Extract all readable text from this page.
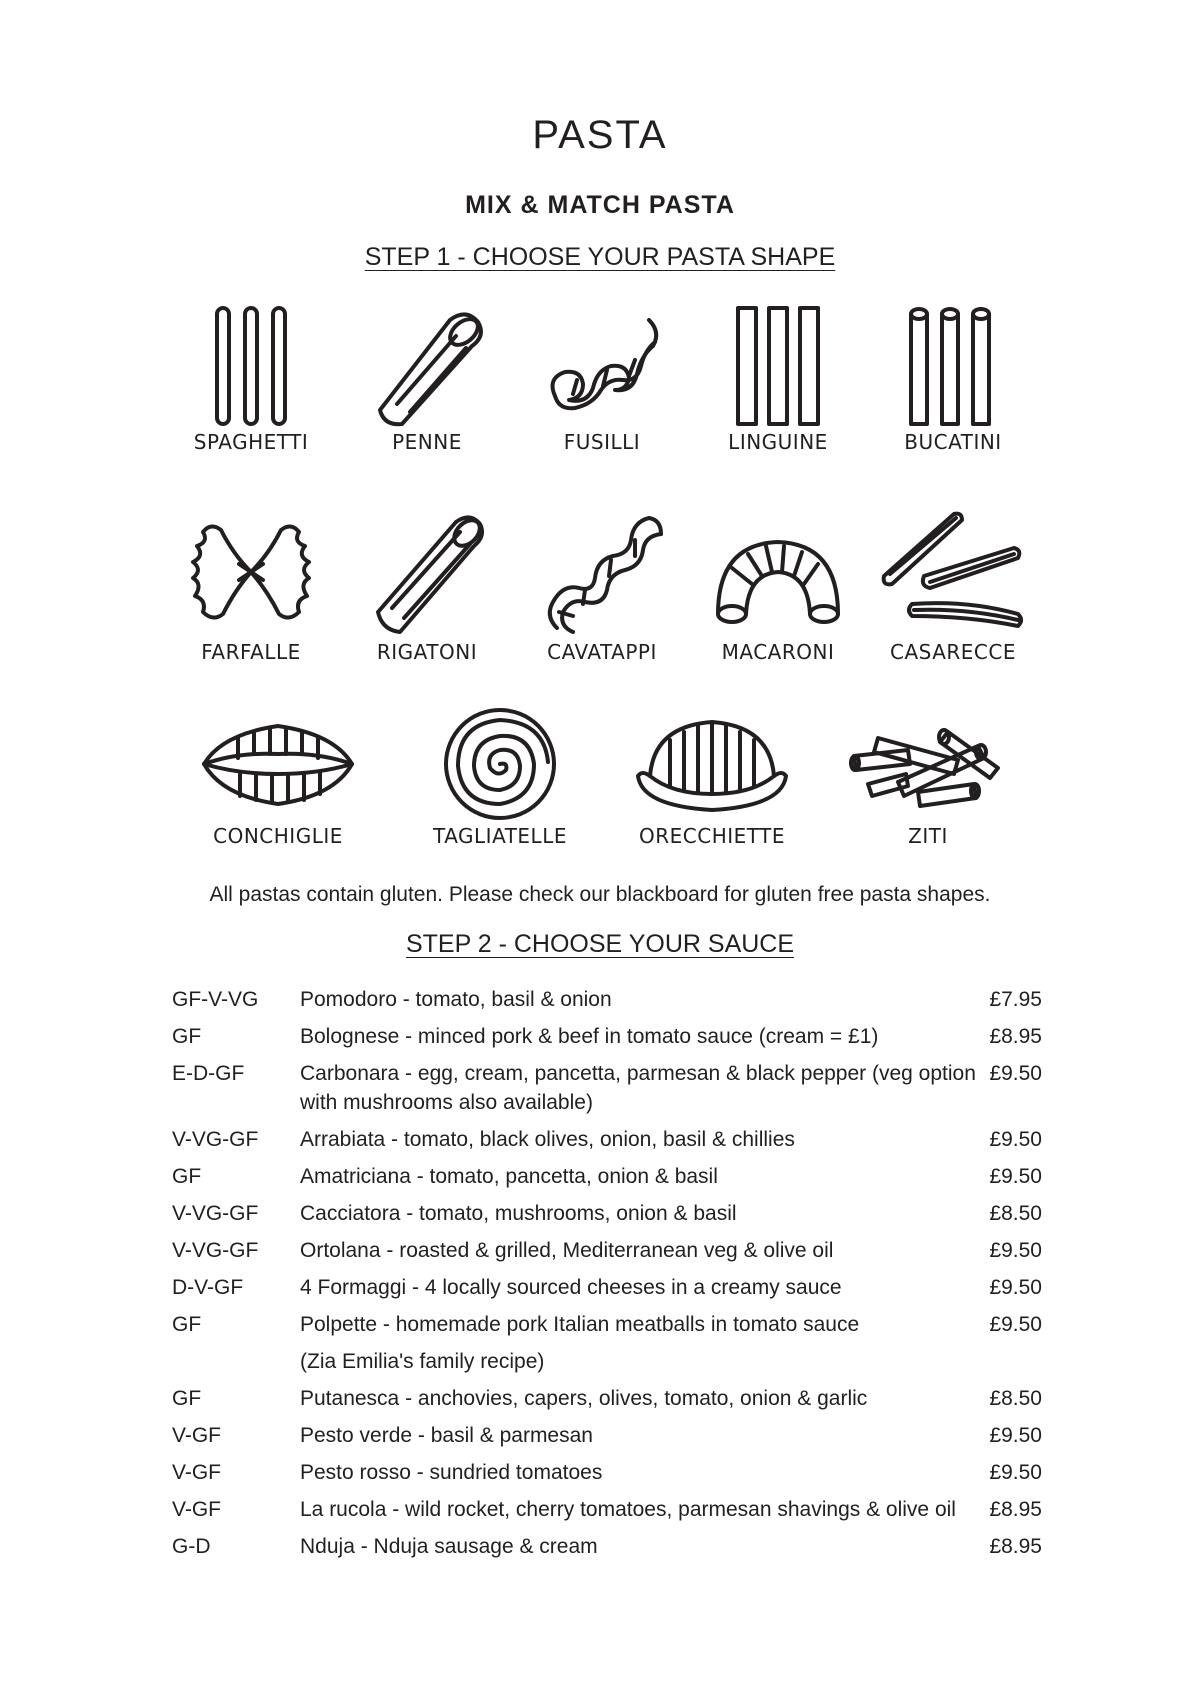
PASTA
MIX & MATCH PASTA
STEP 1 - CHOOSE YOUR PASTA SHAPE
SPAGHETTI	PENNE	FUSILLI	LINGUINE	BUCATINI
FARFALLE	RIGATONI	CAVATAPPI	MACARONI	CASARECCE
CONCHIGLIE	TAGLIATELLE	ORECCHIETTE	ZITI
All pastas contain gluten. Please check our blackboard for gluten free pasta shapes.
STEP 2 - CHOOSE YOUR SAUCE
GF-V-VG	Pomodoro - tomato, basil & onion	£7.95
GF	Bolognese - minced pork & beef in tomato sauce (cream = £1)	£8.95
E-D-GF	Carbonara - egg, cream, pancetta, parmesan & black pepper (veg option with mushrooms also available)	£9.50
V-VG-GF	Arrabiata - tomato, black olives, onion, basil & chillies	£9.50
GF	Amatriciana - tomato, pancetta, onion & basil	£9.50
V-VG-GF	Cacciatora - tomato, mushrooms, onion & basil	£8.50
V-VG-GF	Ortolana - roasted & grilled, Mediterranean veg & olive oil	£9.50
D-V-GF	4 Formaggi - 4 locally sourced cheeses in a creamy sauce	£9.50
GF	Polpette - homemade pork Italian meatballs in tomato sauce	£9.50
	(Zia Emilia's family recipe)	
GF	Putanesca - anchovies, capers, olives, tomato, onion & garlic	£8.50
V-GF	Pesto verde - basil & parmesan	£9.50
V-GF	Pesto rosso - sundried tomatoes	£9.50
V-GF	La rucola - wild rocket, cherry tomatoes, parmesan shavings & olive oil	£8.95
G-D	Nduja - Nduja sausage & cream	£8.95
